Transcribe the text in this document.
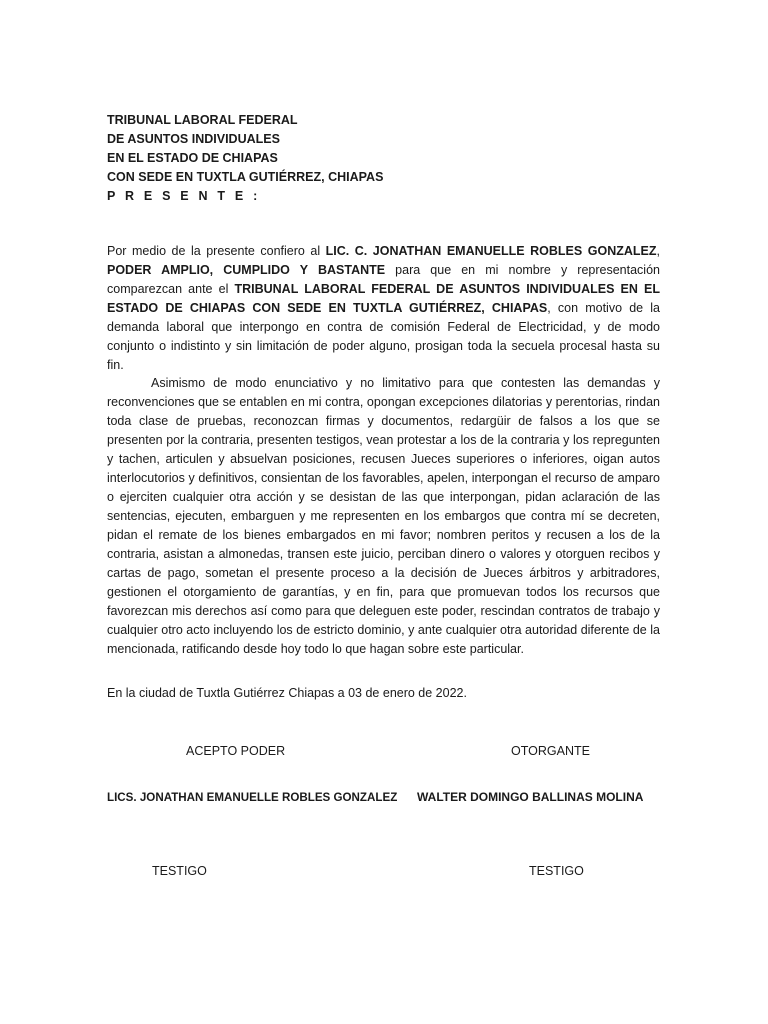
TRIBUNAL LABORAL FEDERAL
DE ASUNTOS INDIVIDUALES
EN EL ESTADO DE CHIAPAS
CON SEDE EN TUXTLA GUTIÉRREZ, CHIAPAS
P R E S E N T E :
Por medio de la presente confiero al LIC. C. JONATHAN EMANUELLE ROBLES GONZALEZ, PODER AMPLIO, CUMPLIDO Y BASTANTE para que en mi nombre y representación comparezcan ante el TRIBUNAL LABORAL FEDERAL DE ASUNTOS INDIVIDUALES EN EL ESTADO DE CHIAPAS CON SEDE EN TUXTLA GUTIÉRREZ, CHIAPAS, con motivo de la demanda laboral que interpongo en contra de comisión Federal de Electricidad, y de modo conjunto o indistinto y sin limitación de poder alguno, prosigan toda la secuela procesal hasta su fin.
Asimismo de modo enunciativo y no limitativo para que contesten las demandas y reconvenciones que se entablen en mi contra, opongan excepciones dilatorias y perentorias, rindan toda clase de pruebas, reconozcan firmas y documentos, redargüir de falsos a los que se presenten por la contraria, presenten testigos, vean protestar a los de la contraria y los repregunten y tachen, articulen y absuelvan posiciones, recusen Jueces superiores o inferiores, oigan autos interlocutorios y definitivos, consientan de los favorables, apelen, interpongan el recurso de amparo o ejerciten cualquier otra acción y se desistan de las que interpongan, pidan aclaración de las sentencias, ejecuten, embarguen y me representen en los embargos que contra mí se decreten, pidan el remate de los bienes embargados en mi favor; nombren peritos y recusen a los de la contraria, asistan a almonedas, transen este juicio, perciban dinero o valores y otorguen recibos y cartas de pago, sometan el presente proceso a la decisión de Jueces árbitros y arbitradores, gestionen el otorgamiento de garantías, y en fin, para que promuevan todos los recursos que favorezcan mis derechos así como para que deleguen este poder, rescindan contratos de trabajo y cualquier otro acto incluyendo los de estricto dominio, y ante cualquier otra autoridad diferente de la mencionada, ratificando desde hoy todo lo que hagan sobre este particular.
En la ciudad de Tuxtla Gutiérrez Chiapas a 03 de enero de 2022.
ACEPTO PODER	OTORGANTE
LICS. JONATHAN EMANUELLE ROBLES GONZALEZ WALTER DOMINGO BALLINAS MOLINA
TESTIGO	TESTIGO
